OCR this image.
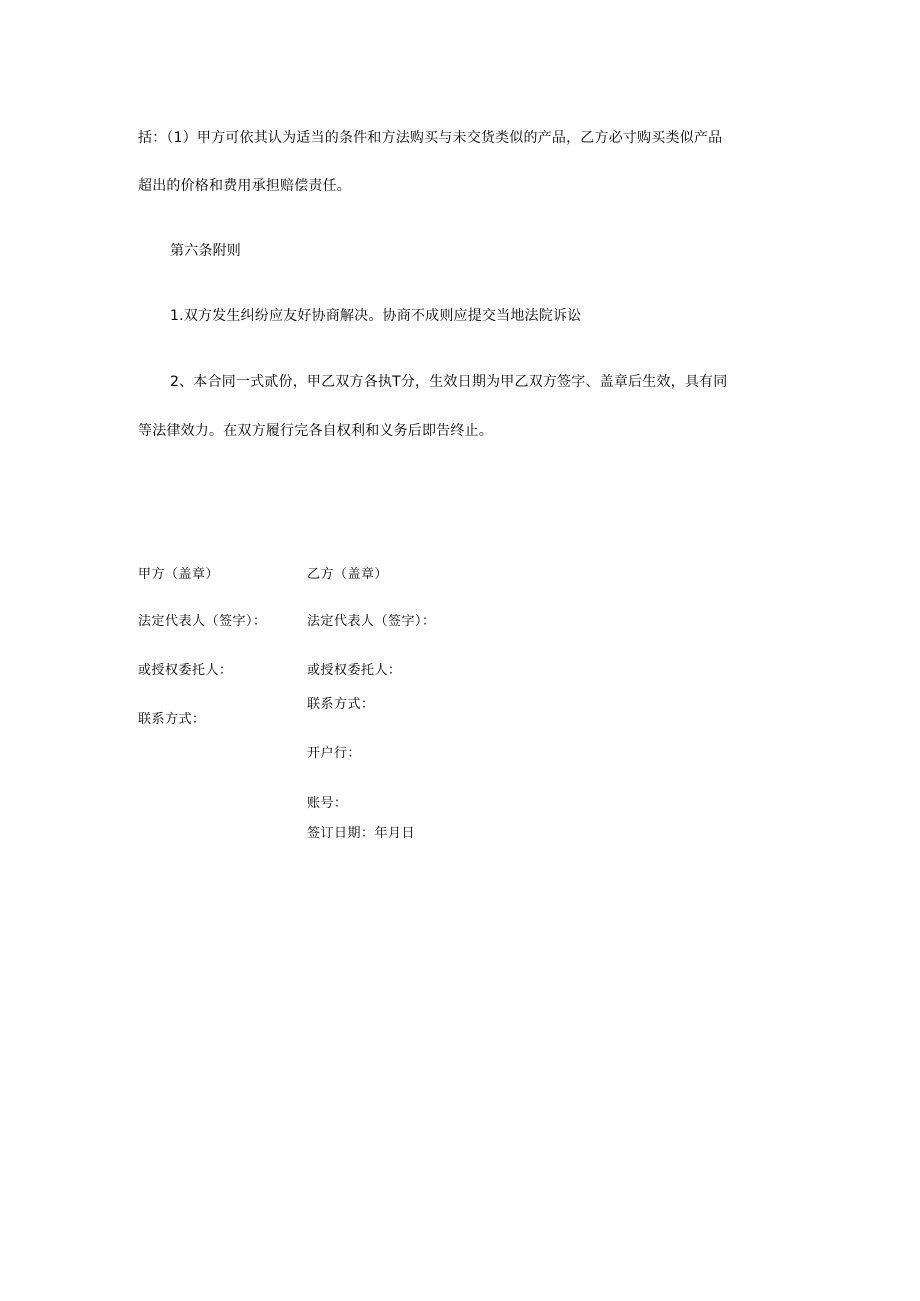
括：（1）甲方可依其认为适当的条件和方法购买与未交货类似的产品，乙方必寸购买类似产品
超出的价格和费用承担赔偿责任。
第六条附则
1.双方发生纠纷应友好协商解决。协商不成则应提交当地法院诉讼
2、本合同一式贰份，甲乙双方各执T分，生效日期为甲乙双方签字、盖章后生效，具有同
等法律效力。在双方履行完各自权利和义务后即告终止。
甲方（盖章）
法定代表人（签字）：
或授权委托人：
联系方式：
乙方（盖章）
法定代表人（签字）：
或授权委托人：
联系方式：
开户行：
账号：
签订日期：年月日
